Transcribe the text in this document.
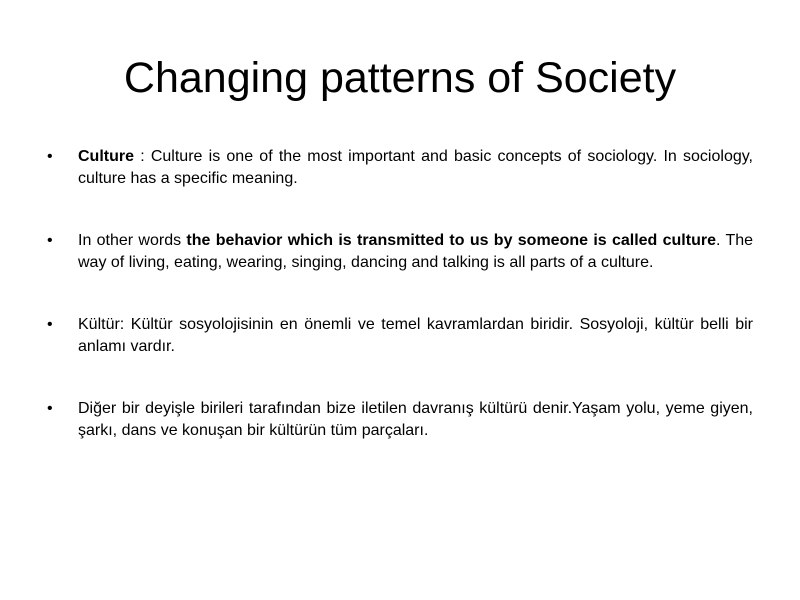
Changing patterns of Society
• Culture : Culture is one of the most important and basic concepts of sociology. In sociology, culture has a specific meaning.
• In other words the behavior which is transmitted to us by someone is called culture. The way of living, eating, wearing, singing, dancing and talking is all parts of a culture.
• Kültür: Kültür sosyolojisinin en önemli ve temel kavramlardan biridir. Sosyoloji, kültür belli bir anlamı vardır.
• Diğer bir deyişle birileri tarafından bize iletilen davranış kültürü denir.Yaşam yolu, yeme giyen, şarkı, dans ve konuşan bir kültürün tüm parçaları.
